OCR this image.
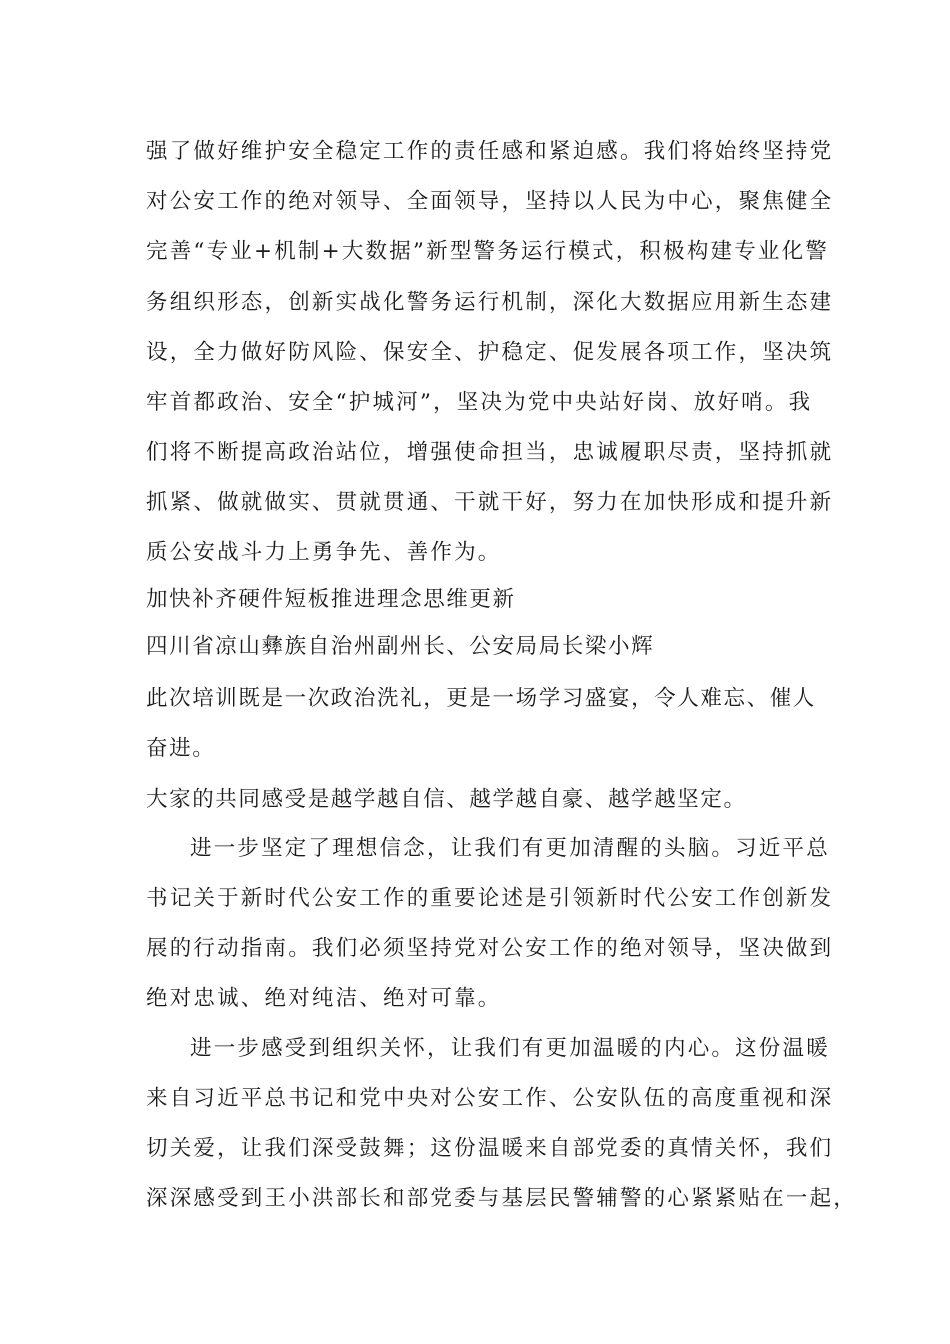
强了做好维护安全稳定工作的责任感和紧迫感。我们将始终坚持党
对公安工作的绝对领导、全面领导，坚持以人民为中心，聚焦健全
完善“专业+机制+大数据”新型警务运行模式，积极构建专业化警
务组织形态，创新实战化警务运行机制，深化大数据应用新生态建
设，全力做好防风险、保安全、护稳定、促发展各项工作，坚决筑
牢首都政治、安全“护城河”，坚决为党中央站好岗、放好哨。我
们将不断提高政治站位，增强使命担当，忠诚履职尽责，坚持抓就
抓紧、做就做实、贯就贯通、干就干好，努力在加快形成和提升新
质公安战斗力上勇争先、善作为。
加快补齐硬件短板推进理念思维更新
四川省凉山彝族自治州副州长、公安局局长梁小辉
此次培训既是一次政治洗礼，更是一场学习盛宴，令人难忘、催人
奋进。
大家的共同感受是越学越自信、越学越自豪、越学越坚定。
进一步坚定了理想信念，让我们有更加清醒的头脑。习近平总
书记关于新时代公安工作的重要论述是引领新时代公安工作创新发
展的行动指南。我们必须坚持党对公安工作的绝对领导，坚决做到
绝对忠诚、绝对纯洁、绝对可靠。
进一步感受到组织关怀，让我们有更加温暖的内心。这份温暖
来自习近平总书记和党中央对公安工作、公安队伍的高度重视和深
切关爱，让我们深受鼓舞；这份温暖来自部党委的真情关怀，我们
深深感受到王小洪部长和部党委与基层民警辅警的心紧紧贴在一起，
